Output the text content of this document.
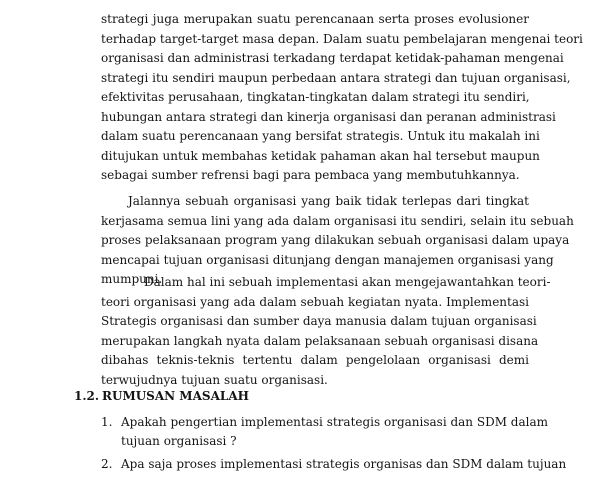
strategi juga merupakan suatu perencanaan serta proses evolusioner
terhadap target-target masa depan. Dalam suatu pembelajaran mengenai teori
organisasi dan administrasi terkadang terdapat ketidak-pahaman mengenai
strategi itu sendiri maupun perbedaan antara strategi dan tujuan organisasi,
efektivitas perusahaan, tingkatan-tingkatan dalam strategi itu sendiri,
hubungan antara strategi dan kinerja organisasi dan peranan administrasi
dalam suatu perencanaan yang bersifat strategis. Untuk itu makalah ini
ditujukan untuk membahas ketidak pahaman akan hal tersebut maupun
sebagai sumber refrensi bagi para pembaca yang membutuhkannya.
Jalannya sebuah organisasi yang baik tidak terlepas dari tingkat
kerjasama semua lini yang ada dalam organisasi itu sendiri, selain itu sebuah
proses pelaksanaan program yang dilakukan sebuah organisasi dalam upaya
mencapai tujuan organisasi ditunjang dengan manajemen organisasi yang
mumpuni.
Dalam hal ini sebuah implementasi akan mengejawantahkan teori-
teori organisasi yang ada dalam sebuah kegiatan nyata. Implementasi
Strategis organisasi dan sumber daya manusia dalam tujuan organisasi
merupakan langkah nyata dalam pelaksanaan sebuah organisasi disana
dibahas teknis-teknis tertentu dalam pengelolaan organisasi demi
terwujudnya tujuan suatu organisasi.
1.2. RUMUSAN MASALAH
1. Apakah pengertian implementasi strategis organisasi dan SDM dalam
tujuan organisasi ?
2. Apa saja proses implementasi strategis organisas dan SDM dalam tujuan
